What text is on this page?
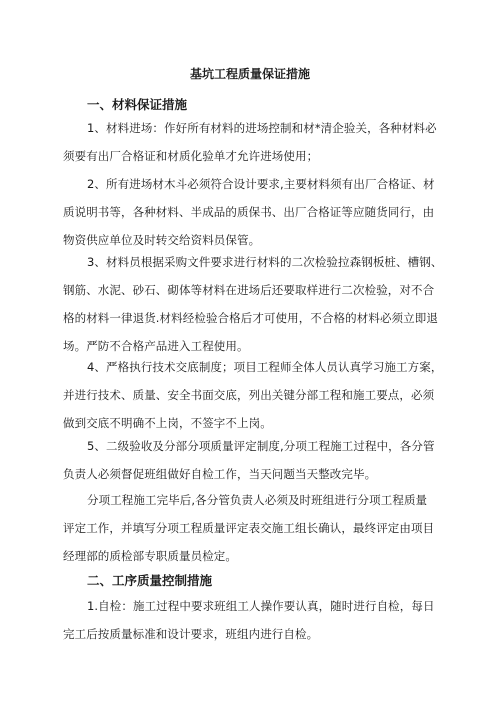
基坑工程质量保证措施
一、材料保证措施
1、材料进场：作好所有材料的进场控制和材*清企验关，各种材料必
须要有出厂合格证和材质化验单才允许进场使用；
2、所有进场材木斗必须符合设计要求,主要材料须有出厂合格证、材
质说明书等，各种材料、半成品的质保书、出厂合格证等应随货同行，由
物资供应单位及时转交给资料员保管。
3、材料员根据采购文件要求进行材料的二次检验拉森钢板桩、槽钢、
钢筋、水泥、砂石、砌体等材料在进场后还要取样进行二次检验，对不合
格的材料一律退货.材料经检验合格后才可使用，不合格的材料必须立即退
场。严防不合格产品进入工程使用。
4、严格执行技术交底制度；项目工程师全体人员认真学习施工方案，
并进行技术、质量、安全书面交底，列出关键分部工程和施工要点，必须
做到交底不明确不上岗，不签字不上岗。
5、二级验收及分部分项质量评定制度,分项工程施工过程中，各分管
负责人必须督促班组做好自检工作，当天问题当天整改完毕。
分项工程施工完毕后,各分管负责人必须及时班组进行分项工程质量
评定工作，并填写分项工程质量评定表交施工组长确认，最终评定由项目
经理部的质检部专职质量员检定。
二、工序质量控制措施
1.自检：施工过程中要求班组工人操作要认真，随时进行自检，每日
完工后按质量标准和设计要求，班组内进行自检。
